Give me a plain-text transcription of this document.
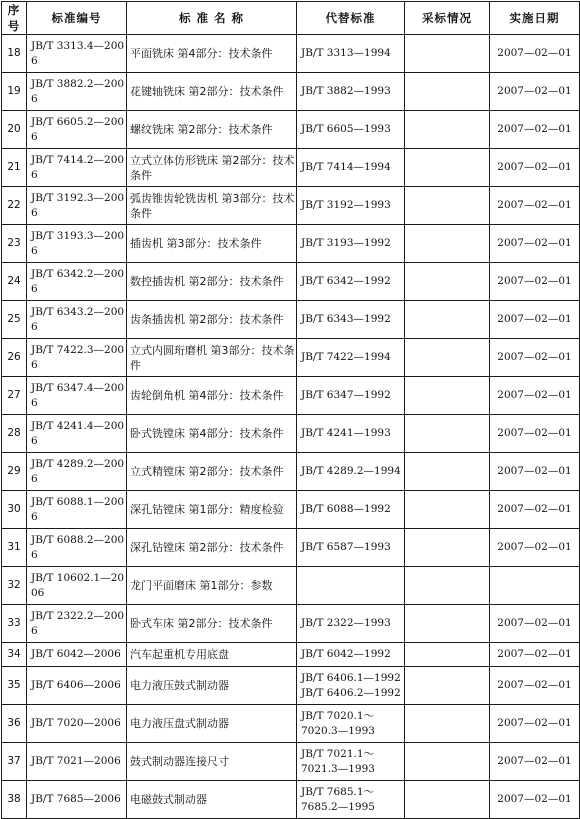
序号	标准编号	标 准 名 称	代替标准	采标情况	实施日期
18	JB/T 3313.4—2006	平面铣床 第4部分：技术条件	JB/T 3313—1994		2007—02—01
19	JB/T 3882.2—2006	花键轴铣床 第2部分：技术条件	JB/T 3882—1993		2007—02—01
20	JB/T 6605.2—2006	螺纹铣床 第2部分：技术条件	JB/T 6605—1993		2007—02—01
21	JB/T 7414.2—2006	立式立体仿形铣床 第2部分：技术条件	JB/T 7414—1994		2007—02—01
22	JB/T 3192.3—2006	弧齿锥齿轮铣齿机 第3部分：技术条件	JB/T 3192—1993		2007—02—01
23	JB/T 3193.3—2006	插齿机 第3部分：技术条件	JB/T 3193—1992		2007—02—01
24	JB/T 6342.2—2006	数控插齿机 第2部分：技术条件	JB/T 6342—1992		2007—02—01
25	JB/T 6343.2—2006	齿条插齿机 第2部分：技术条件	JB/T 6343—1992		2007—02—01
26	JB/T 7422.3—2006	立式内圆珩磨机 第3部分：技术条件	JB/T 7422—1994		2007—02—01
27	JB/T 6347.4—2006	齿轮倒角机 第4部分：技术条件	JB/T 6347—1992		2007—02—01
28	JB/T 4241.4—2006	卧式铣镗床 第4部分：技术条件	JB/T 4241—1993		2007—02—01
29	JB/T 4289.2—2006	立式精镗床 第2部分：技术条件	JB/T 4289.2—1994		2007—02—01
30	JB/T 6088.1—2006	深孔钻镗床 第1部分：精度检验	JB/T 6088—1992		2007—02—01
31	JB/T 6088.2—2006	深孔钻镗床 第2部分：技术条件	JB/T 6587—1993		2007—02—01
32	JB/T 10602.1—2006	龙门平面磨床 第1部分：参数			
33	JB/T 2322.2—2006	卧式车床 第2部分：技术条件	JB/T 2322—1993		2007—02—01
34	JB/T 6042—2006	汽车起重机专用底盘	JB/T 6042—1992		2007—02—01
35	JB/T 6406—2006	电力液压鼓式制动器	JB/T 6406.1—1992
JB/T 6406.2—1992		2007—02—01
36	JB/T 7020—2006	电力液压盘式制动器	JB/T 7020.1～
7020.3—1993		2007—02—01
37	JB/T 7021—2006	鼓式制动器连接尺寸	JB/T 7021.1～
7021.3—1993		2007—02—01
38	JB/T 7685—2006	电磁鼓式制动器	JB/T 7685.1～
7685.2—1995		2007—02—01
